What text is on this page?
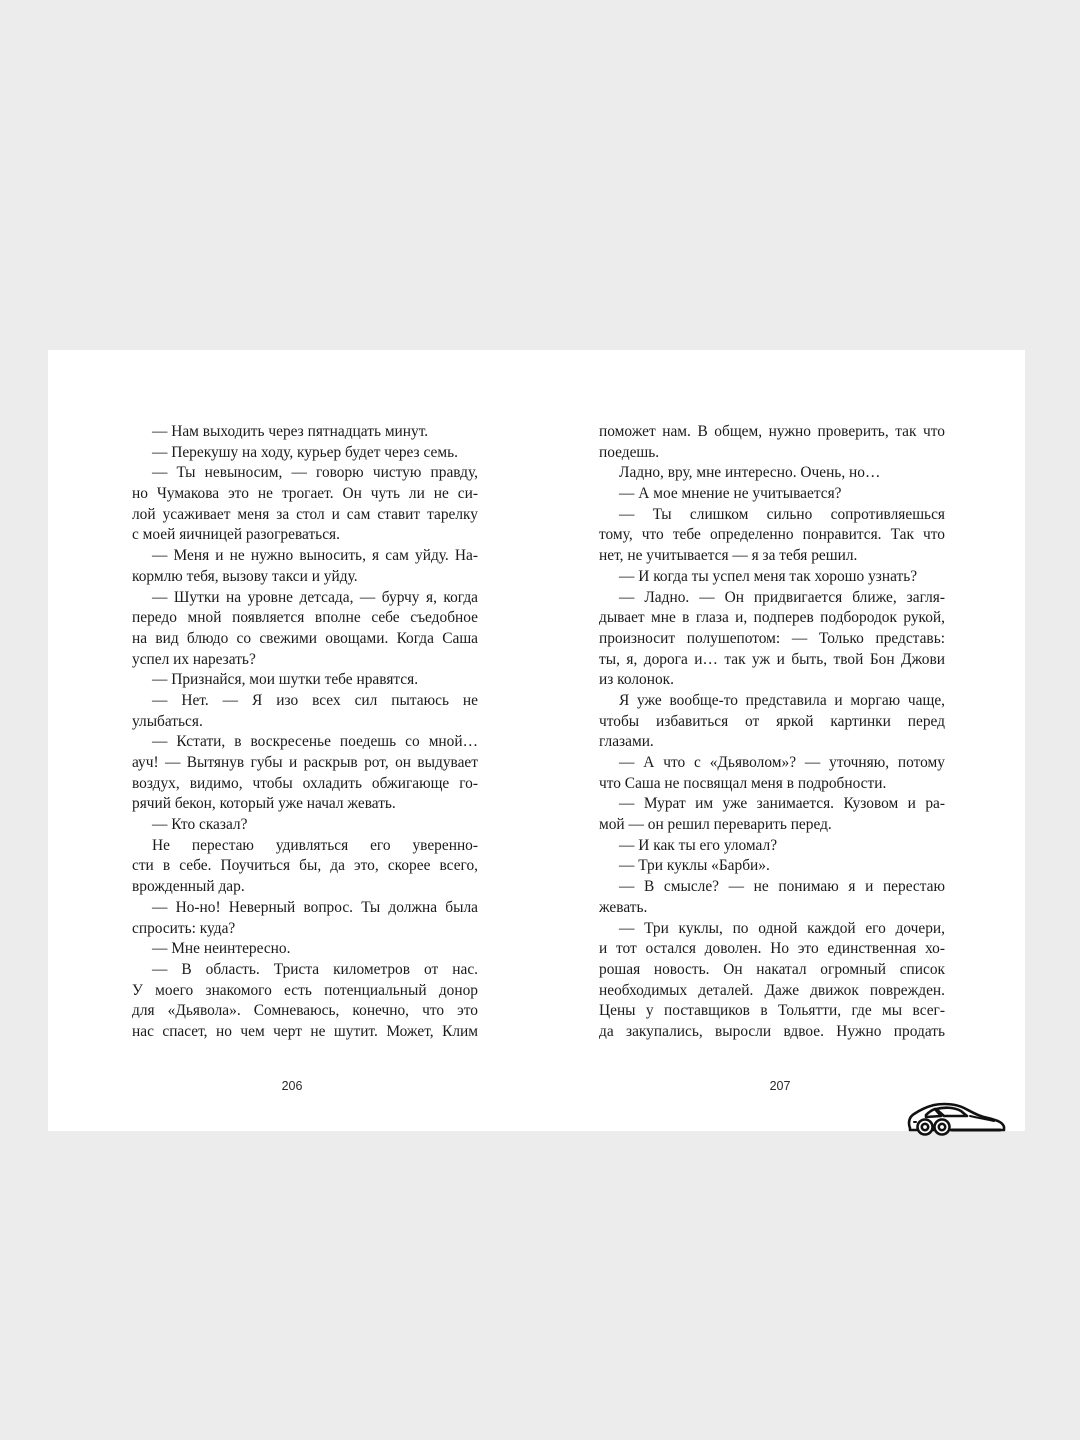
— Нам выходить через пятнадцать минут.
— Перекушу на ходу, курьер будет через семь.
— Ты невыносим, — говорю чистую правду,
но Чумакова это не трогает. Он чуть ли не си-
лой усаживает меня за стол и сам ставит тарелку
с моей яичницей разогреваться.
— Меня и не нужно выносить, я сам уйду. На-
кормлю тебя, вызову такси и уйду.
— Шутки на уровне детсада, — бурчу я, когда
передо мной появляется вполне себе съедобное
на вид блюдо со свежими овощами. Когда Саша
успел их нарезать?
— Признайся, мои шутки тебе нравятся.
— Нет. — Я изо всех сил пытаюсь не
улыбаться.
— Кстати, в воскресенье поедешь со мной…
ауч! — Вытянув губы и раскрыв рот, он выдувает
воздух, видимо, чтобы охладить обжигающе го-
рячий бекон, который уже начал жевать.
— Кто сказал?
Не перестаю удивляться его уверенно-
сти в себе. Поучиться бы, да это, скорее всего,
врожденный дар.
— Но-но! Неверный вопрос. Ты должна была
спросить: куда?
— Мне неинтересно.
— В область. Триста километров от нас.
У моего знакомого есть потенциальный донор
для «Дьявола». Сомневаюсь, конечно, что это
нас спасет, но чем черт не шутит. Может, Клим
поможет нам. В общем, нужно проверить, так что
поедешь.
Ладно, вру, мне интересно. Очень, но…
— А мое мнение не учитывается?
— Ты слишком сильно сопротивляешься
тому, что тебе определенно понравится. Так что
нет, не учитывается — я за тебя решил.
— И когда ты успел меня так хорошо узнать?
— Ладно. — Он придвигается ближе, загля-
дывает мне в глаза и, подперев подбородок рукой,
произносит полушепотом: — Только представь:
ты, я, дорога и… так уж и быть, твой Бон Джови
из колонок.
Я уже вообще-то представила и моргаю чаще,
чтобы избавиться от яркой картинки перед
глазами.
— А что с «Дьяволом»? — уточняю, потому
что Саша не посвящал меня в подробности.
— Мурат им уже занимается. Кузовом и ра-
мой — он решил переварить перед.
— И как ты его уломал?
— Три куклы «Барби».
— В смысле? — не понимаю я и перестаю
жевать.
— Три куклы, по одной каждой его дочери,
и тот остался доволен. Но это единственная хо-
рошая новость. Он накатал огромный список
необходимых деталей. Даже движок поврежден.
Цены у поставщиков в Тольятти, где мы всег-
да закупались, выросли вдвое. Нужно продать
206	207
